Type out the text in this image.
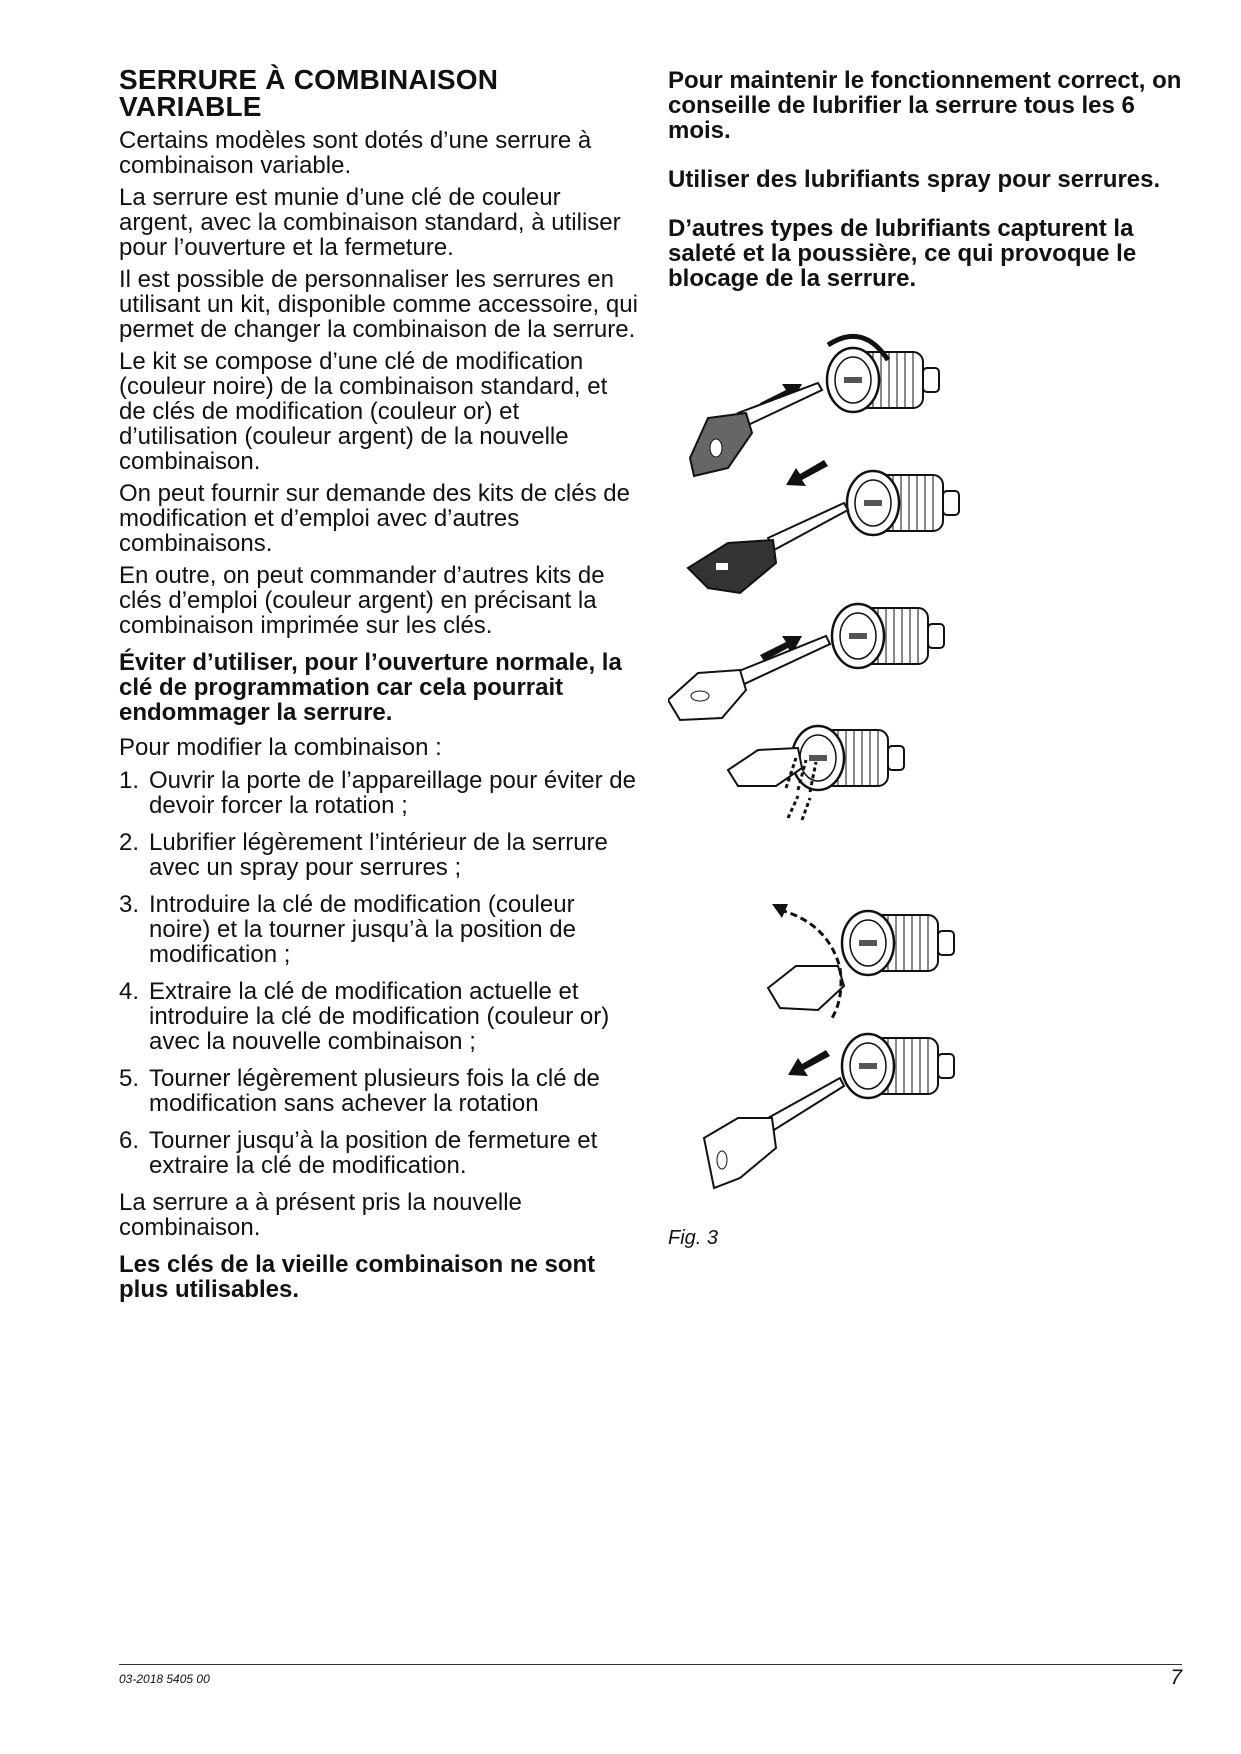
SERRURE À COMBINAISON VARIABLE

Certains modèles sont dotés d’une serrure à combinaison variable.

La serrure est munie d’une clé de couleur argent, avec la combinaison standard, à utiliser pour l’ouverture et la fermeture.

Il est possible de personnaliser les serrures en utilisant un kit, disponible comme accessoire, qui permet de changer la combinaison de la serrure.

Le kit se compose d’une clé de modification (couleur noire) de la combinaison standard, et de clés de modification (couleur or) et d’utilisation (couleur argent) de la nouvelle combinaison.

On peut fournir sur demande des kits de clés de modification et d’emploi avec d’autres combinaisons.

En outre, on peut commander d’autres kits de clés d’emploi (couleur argent) en précisant la combinaison imprimée sur les clés.

Éviter d’utiliser, pour l’ouverture normale, la clé de programmation car cela pourrait endommager la serrure.

Pour modifier la combinaison :

1. Ouvrir la porte de l’appareillage pour éviter de devoir forcer la rotation ;
2. Lubrifier légèrement l’intérieur de la serrure avec un spray pour serrures ;
3. Introduire la clé de modification (couleur noire) et la tourner jusqu’à la position de modification ;
4. Extraire la clé de modification actuelle et introduire la clé de modification (couleur or) avec la nouvelle combinaison ;
5. Tourner légèrement plusieurs fois la clé de modification sans achever la rotation
6. Tourner jusqu’à la position de fermeture et extraire la clé de modification.

La serrure a à présent pris la nouvelle combinaison.

Les clés de la vieille combinaison ne sont plus utilisables.

Pour maintenir le fonctionnement correct, on conseille de lubrifier la serrure tous les 6 mois.

Utiliser des lubrifiants spray pour serrures.

D’autres types de lubrifiants capturent la saleté et la poussière, ce qui provoque le blocage de la serrure.

Fig. 3
03-2018 5405 00	7
